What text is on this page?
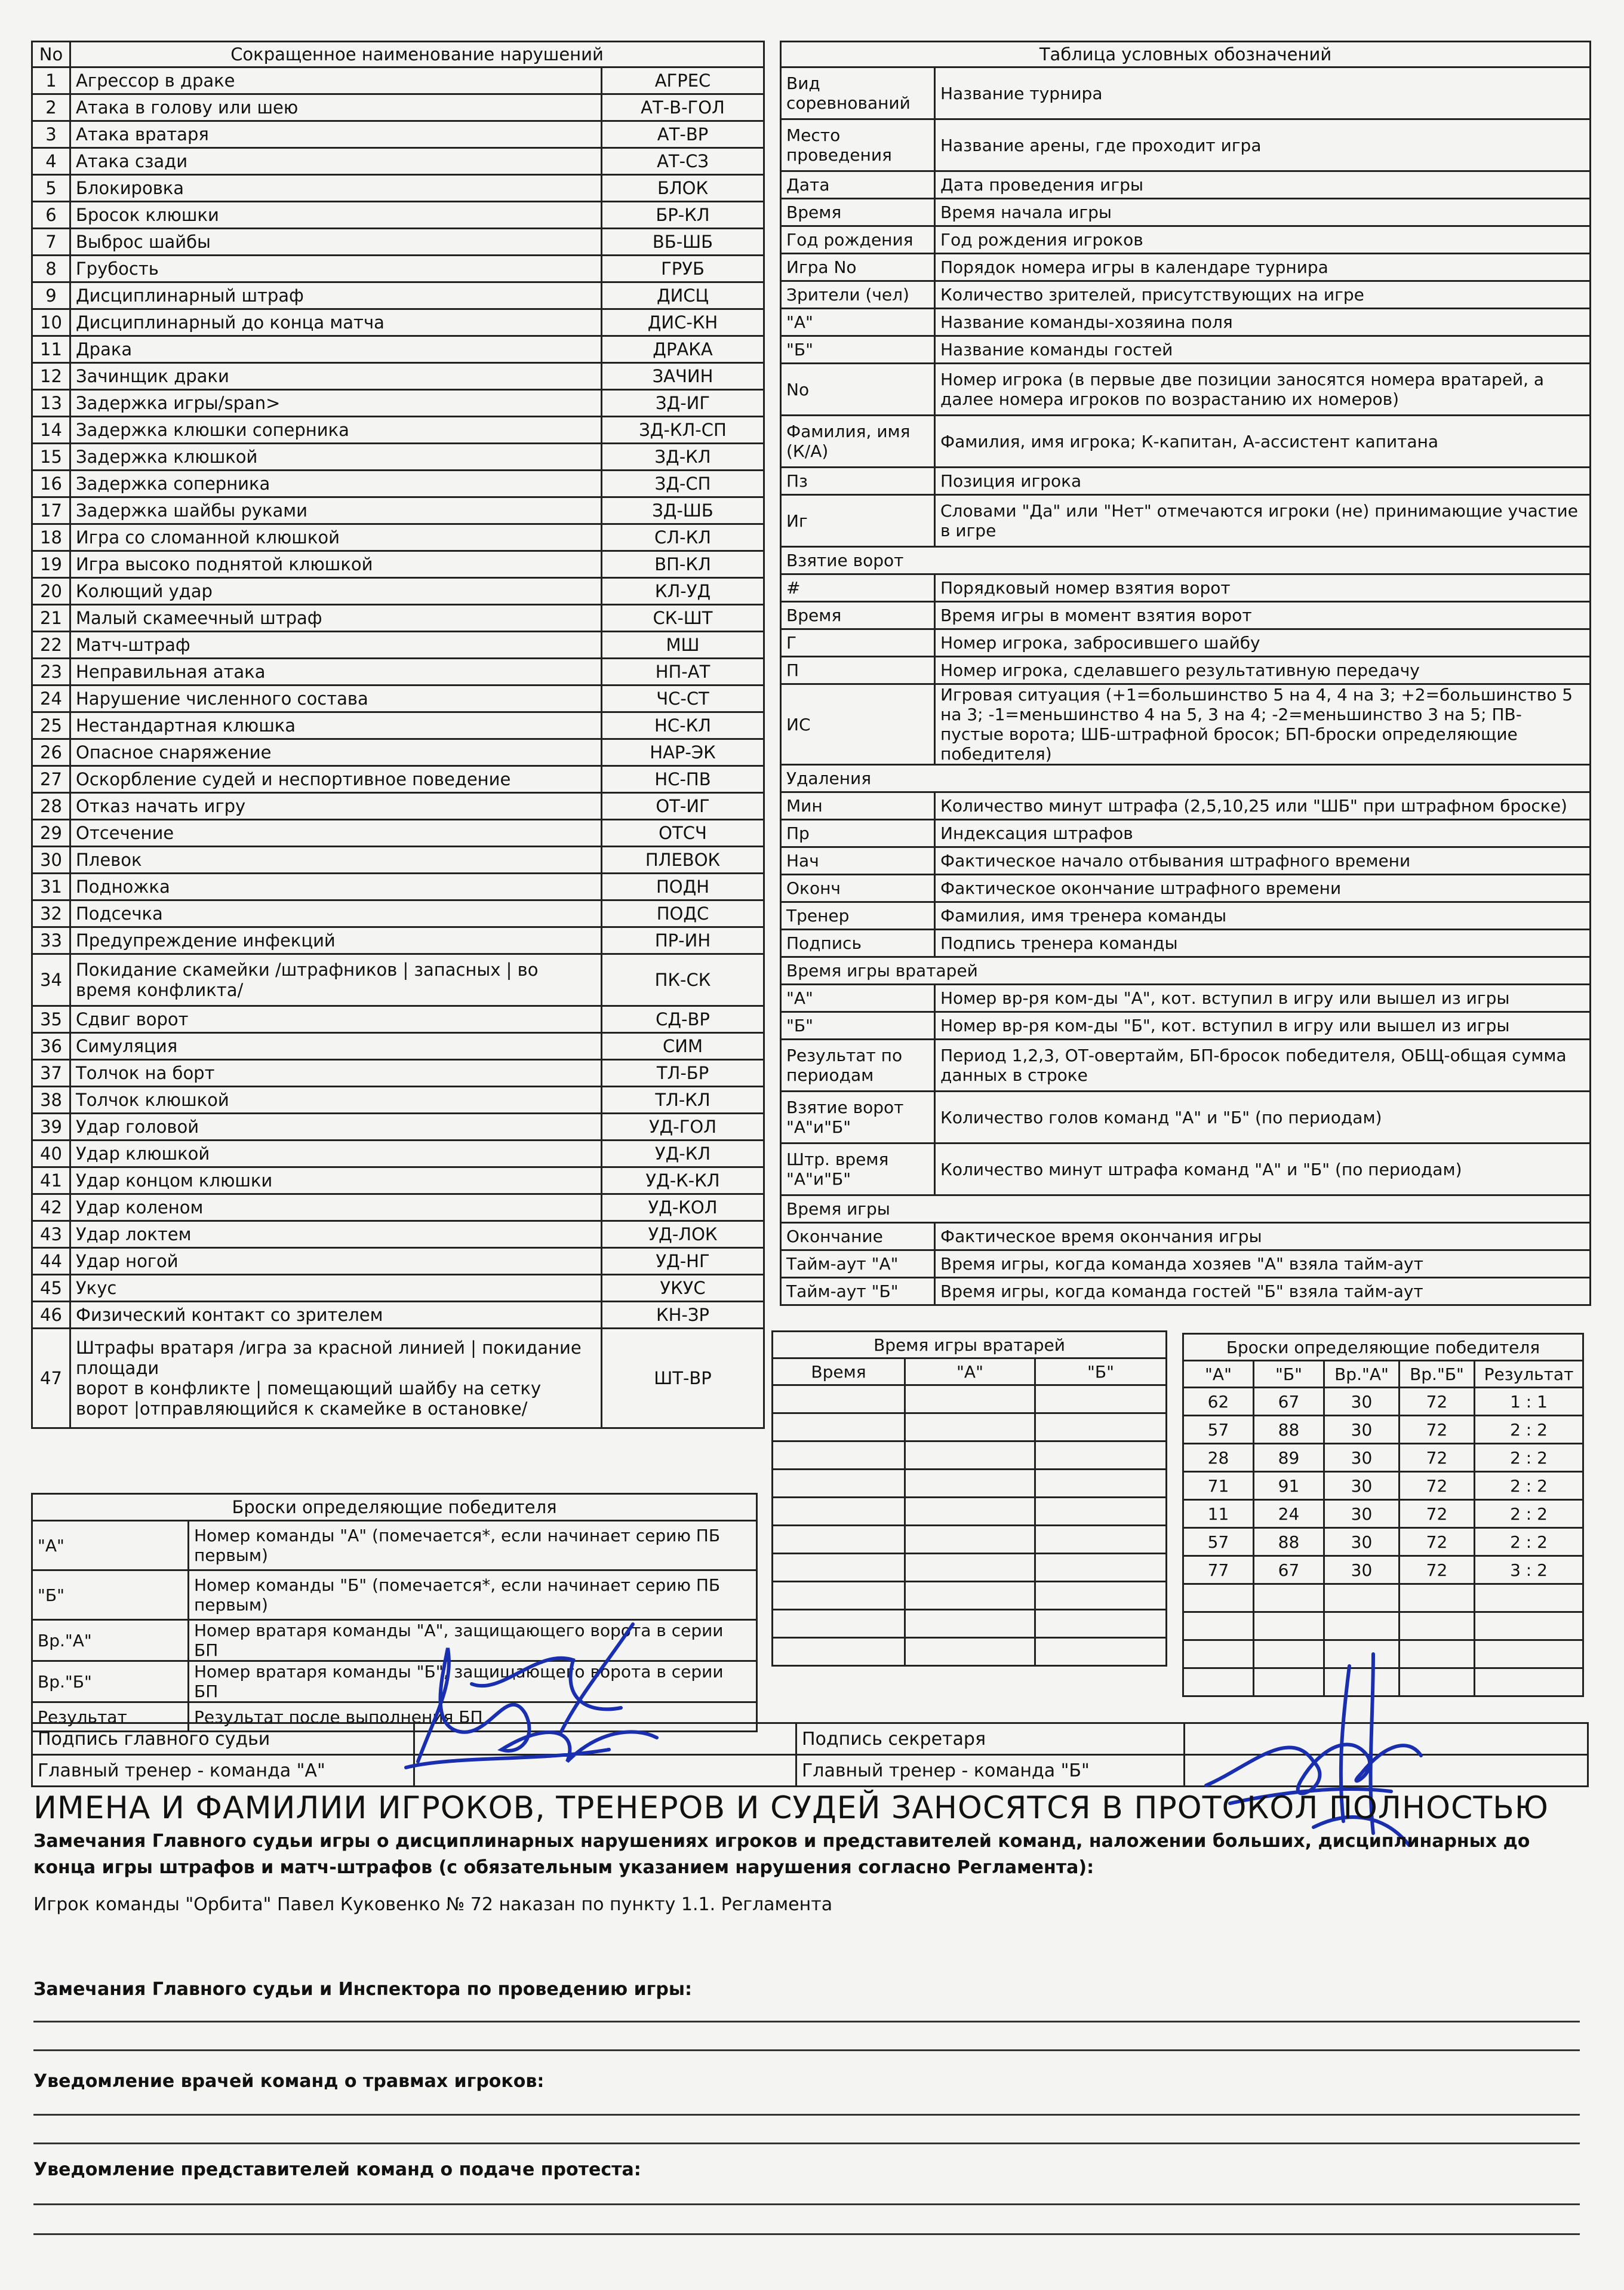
No	Сокращенное наименование нарушений	
1	Агрессор в драке	АГРЕС
2	Атака в голову или шею	АТ-В-ГОЛ
3	Атака вратаря	АТ-ВР
4	Атака сзади	АТ-СЗ
5	Блокировка	БЛОК
6	Бросок клюшки	БР-КЛ
7	Выброс шайбы	ВБ-ШБ
8	Грубость	ГРУБ
9	Дисциплинарный штраф	ДИСЦ
10	Дисциплинарный до конца матча	ДИС-КН
11	Драка	ДРАКА
12	Зачинщик драки	ЗАЧИН
13	Задержка игры/span>	ЗД-ИГ
14	Задержка клюшки соперника	ЗД-КЛ-СП
15	Задержка клюшкой	ЗД-КЛ
16	Задержка соперника	ЗД-СП
17	Задержка шайбы руками	ЗД-ШБ
18	Игра со сломанной клюшкой	СЛ-КЛ
19	Игра высоко поднятой клюшкой	ВП-КЛ
20	Колющий удар	КЛ-УД
21	Малый скамеечный штраф	СК-ШТ
22	Матч-штраф	МШ
23	Неправильная атака	НП-АТ
24	Нарушение численного состава	ЧС-СТ
25	Нестандартная клюшка	НС-КЛ
26	Опасное снаряжение	НАР-ЭК
27	Оскорбление судей и неспортивное поведение	НС-ПВ
28	Отказ начать игру	ОТ-ИГ
29	Отсечение	ОТСЧ
30	Плевок	ПЛЕВОК
31	Подножка	ПОДН
32	Подсечка	ПОДС
33	Предупреждение инфекций	ПР-ИН
34	Покидание скамейки /штрафников | запасных | во время конфликта/	ПК-СК
35	Сдвиг ворот	СД-ВР
36	Симуляция	СИМ
37	Толчок на борт	ТЛ-БР
38	Толчок клюшкой	ТЛ-КЛ
39	Удар головой	УД-ГОЛ
40	Удар клюшкой	УД-КЛ
41	Удар концом клюшки	УД-К-КЛ
42	Удар коленом	УД-КОЛ
43	Удар локтем	УД-ЛОК
44	Удар ногой	УД-НГ
45	Укус	УКУС
46	Физический контакт со зрителем	КН-ЗР
47	Штрафы вратаря /игра за красной линией | покидание площади
ворот в конфликте | помещающий шайбу на сетку ворот |отправляющийся к скамейке в остановке/	ШТ-ВР
Таблица условных обозначений	
Вид соревнований	Название турнира
Место проведения	Название арены, где проходит игра
Дата	Дата проведения игры
Время	Время начала игры
Год рождения	Год рождения игроков
Игра No	Порядок номера игры в календаре турнира
Зрители (чел)	Количество зрителей, присутствующих на игре
"А"	Название команды-хозяина поля
"Б"	Название команды гостей
No	Номер игрока (в первые две позиции заносятся номера вратарей, а далее номера игроков по возрастанию их номеров)
Фамилия, имя (К/А)	Фамилия, имя игрока; К-капитан, А-ассистент капитана
Пз	Позиция игрока
Иг	Словами "Да" или "Нет" отмечаются игроки (не) принимающие участие в игре
Взятие ворот	
#	Порядковый номер взятия ворот
Время	Время игры в момент взятия ворот
Г	Номер игрока, забросившего шайбу
П	Номер игрока, сделавшего результативную передачу
ИС	Игровая ситуация (+1=большинство 5 на 4, 4 на 3; +2=большинство 5 на 3; -1=меньшинство 4 на 5, 3 на 4; -2=меньшинство 3 на 5; ПВ- пустые ворота; ШБ-штрафной бросок; БП-броски определяющие победителя)
Удаления	
Мин	Количество минут штрафа (2,5,10,25 или "ШБ" при штрафном броске)
Пр	Индексация штрафов
Нач	Фактическое начало отбывания штрафного времени
Оконч	Фактическое окончание штрафного времени
Тренер	Фамилия, имя тренера команды
Подпись	Подпись тренера команды
Время игры вратарей	
"А"	Номер вр-ря ком-ды "А", кот. вступил в игру или вышел из игры
"Б"	Номер вр-ря ком-ды "Б", кот. вступил в игру или вышел из игры
Результат по периодам	Период 1,2,3, ОТ-овертайм, БП-бросок победителя, ОБЩ-общая сумма данных в строке
Взятие ворот "А"и"Б"	Количество голов команд "А" и "Б" (по периодам)
Штр. время "А"и"Б"	Количество минут штрафа команд "А" и "Б" (по периодам)
Время игры	
Окончание	Фактическое время окончания игры
Тайм-аут "А"	Время игры, когда команда хозяев "А" взяла тайм-аут
Тайм-аут "Б"	Время игры, когда команда гостей "Б" взяла тайм-аут
Время игры вратарей		
Время	"А"	"Б"

Броски определяющие победителя				
"А"	"Б"	Вр."А"	Вр."Б"	Результат
62	67	30	72	1 : 1
57	88	30	72	2 : 2
28	89	30	72	2 : 2
71	91	30	72	2 : 2
11	24	30	72	2 : 2
57	88	30	72	2 : 2
77	67	30	72	3 : 2

Броски определяющие победителя	
"А"	Номер команды "А" (помечается*, если начинает серию ПБ первым)
"Б"	Номер команды "Б" (помечается*, если начинает серию ПБ первым)
Вр."А"	Номер вратаря команды "А", защищающего ворота в серии БП
Вр."Б"	Номер вратаря команды "Б", защищающего ворота в серии БП
Результат	Результат после выполнения БП
Подпись главного судьи		Подпись секретаря	
Главный тренер - команда "А"		Главный тренер - команда "Б"	
ИМЕНА И ФАМИЛИИ ИГРОКОВ, ТРЕНЕРОВ И СУДЕЙ ЗАНОСЯТСЯ В ПРОТОКОЛ ПОЛНОСТЬЮ
Замечания Главного судьи игры о дисциплинарных нарушениях игроков и представителей команд, наложении больших, дисциплинарных до конца игры штрафов и матч-штрафов (с обязательным указанием нарушения согласно Регламента):
Игрок команды "Орбита" Павел Куковенко № 72 наказан по пункту 1.1. Регламента
Замечания Главного судьи и Инспектора по проведению игры:
Уведомление врачей команд о травмах игроков:
Уведомление представителей команд о подаче протеста:
